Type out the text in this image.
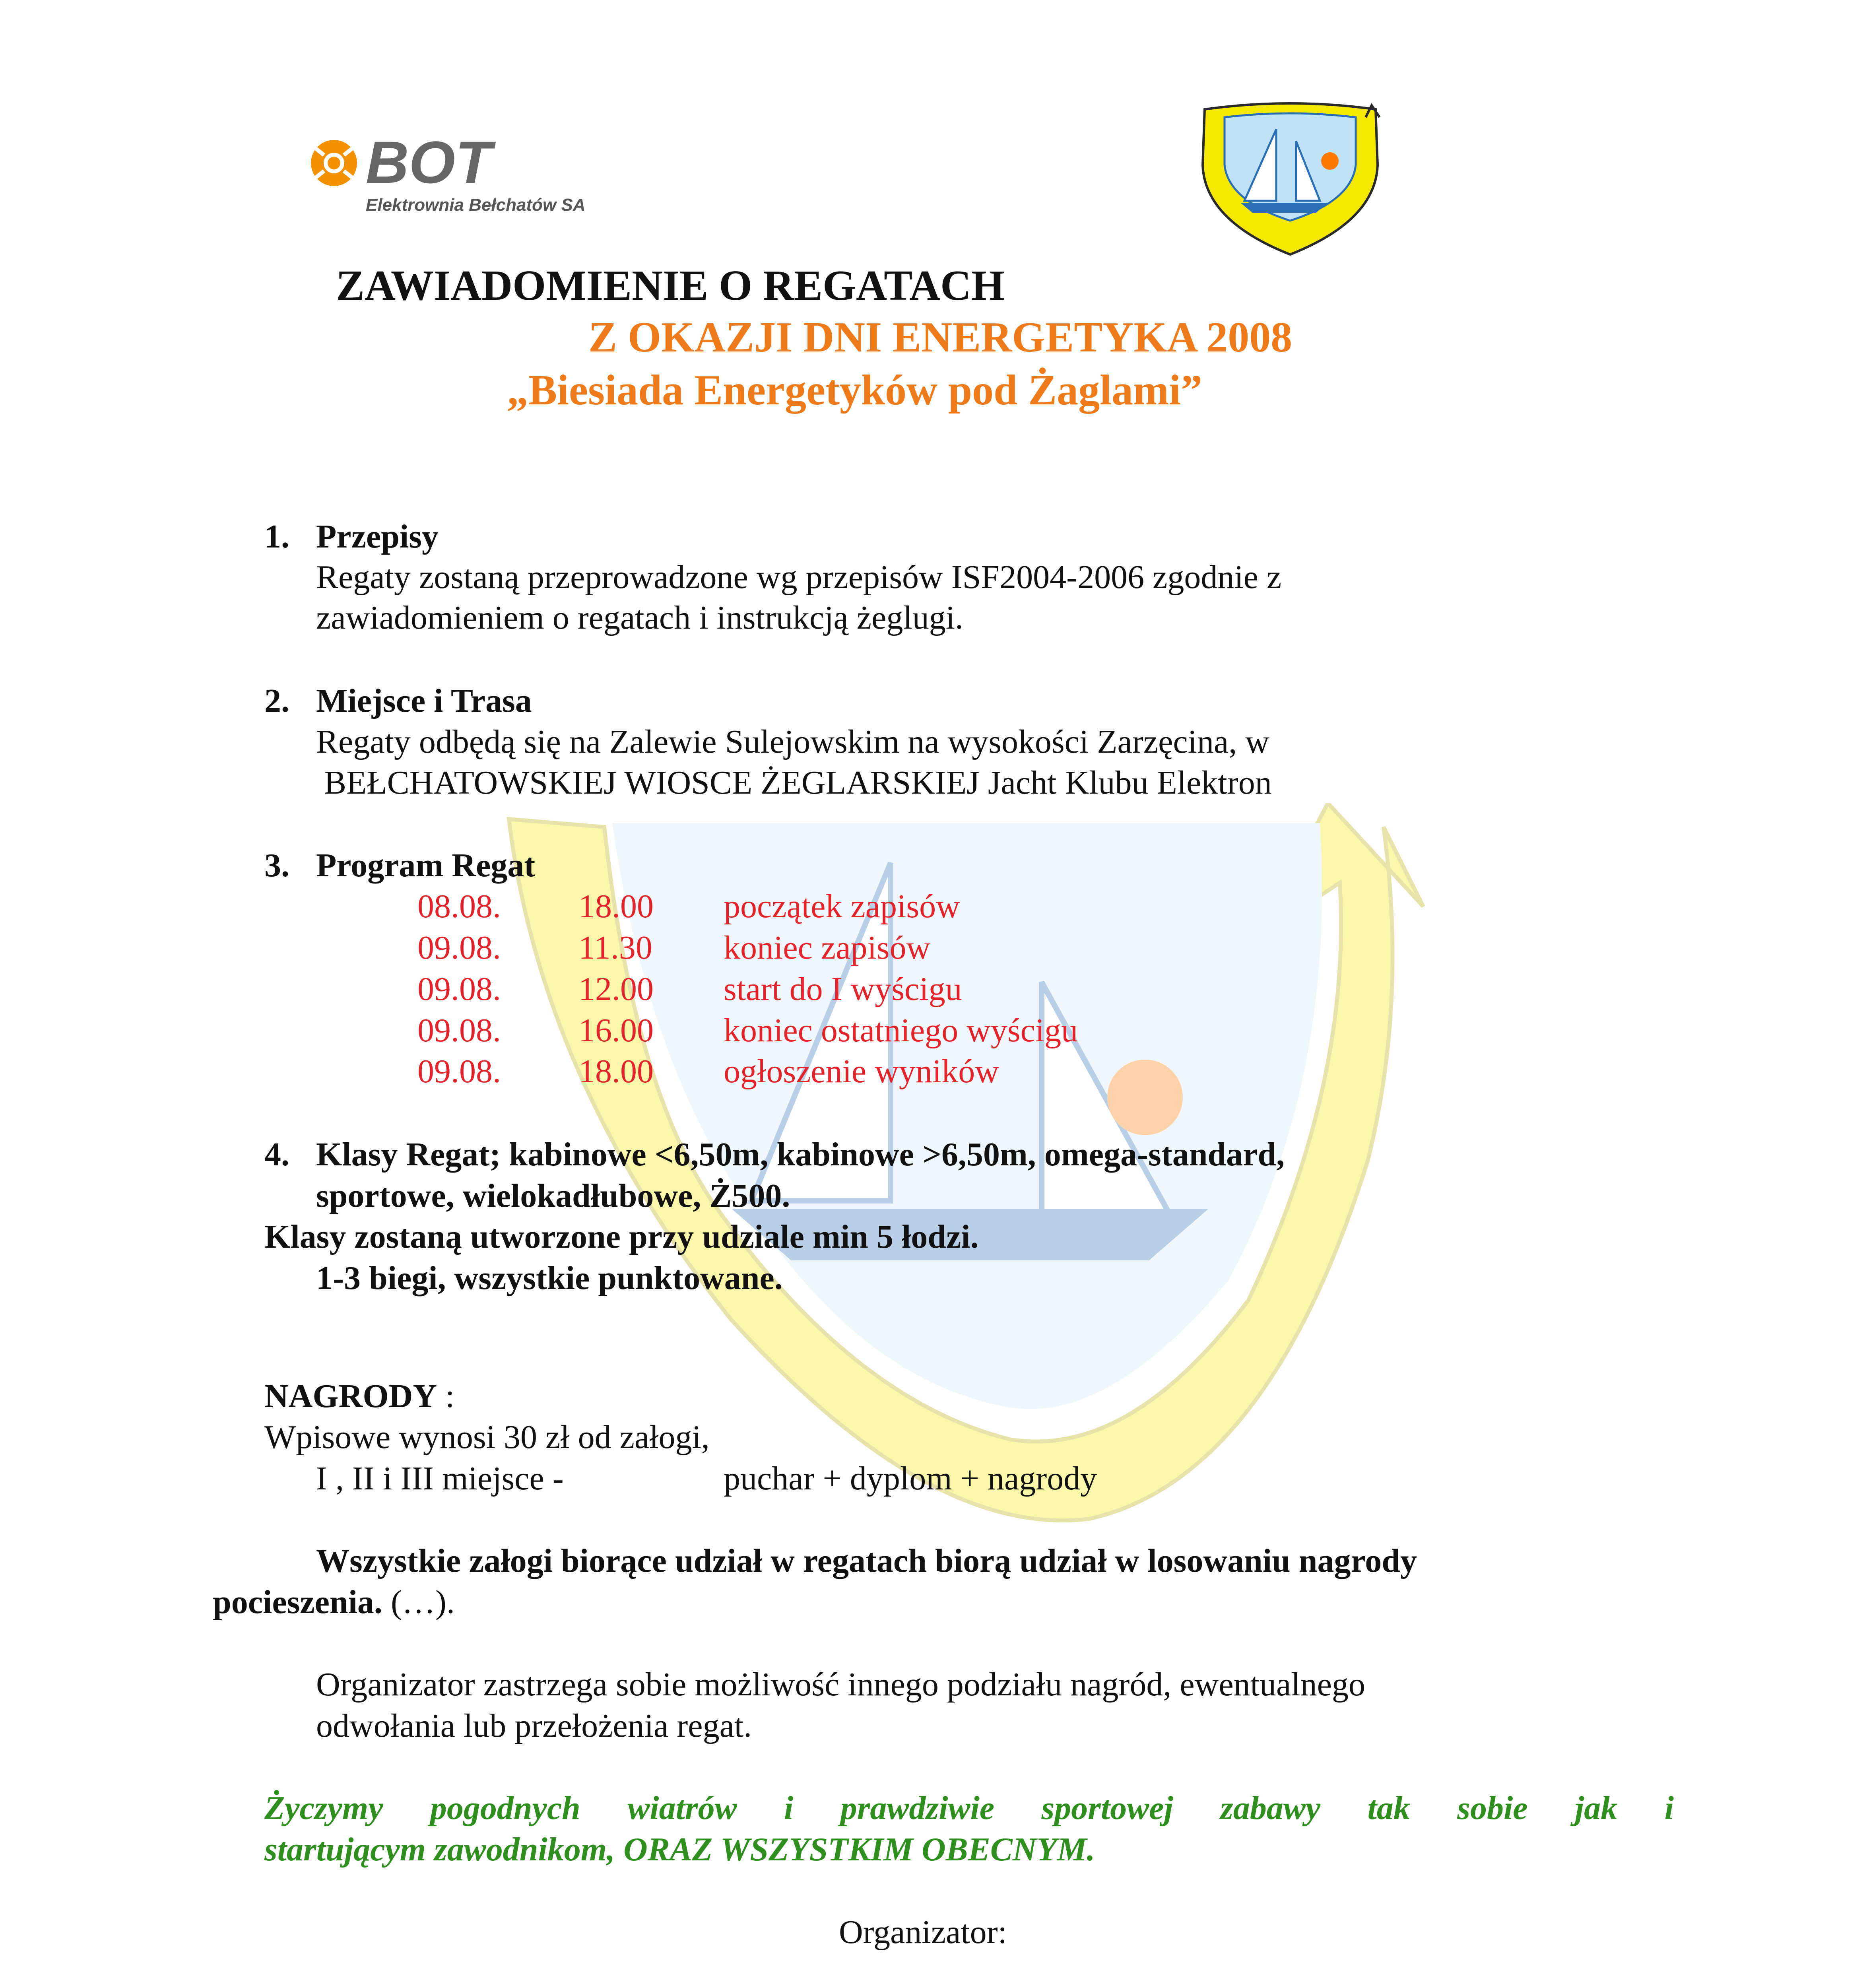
BOT
Elektrownia Bełchatów SA
ZAWIADOMIENIE O REGATACH
Z OKAZJI DNI ENERGETYKA 2008
„Biesiada Energetyków pod Żaglami”
1. Przepisy
Regaty zostaną przeprowadzone wg przepisów ISF2004-2006 zgodnie z
zawiadomieniem o regatach i instrukcją żeglugi.
2. Miejsce i Trasa
Regaty odbędą się na Zalewie Sulejowskim na wysokości Zarzęcina, w
BEŁCHATOWSKIEJ WIOSCE ŻEGLARSKIEJ Jacht Klubu Elektron
3. Program Regat
08.08. 18.00 początek zapisów
09.08. 11.30 koniec zapisów
09.08. 12.00 start do I wyścigu
09.08. 16.00 koniec ostatniego wyścigu
09.08. 18.00 ogłoszenie wyników
4. Klasy Regat; kabinowe <6,50m, kabinowe >6,50m, omega-standard,
sportowe, wielokadłubowe, Ż500.
Klasy zostaną utworzone przy udziale min 5 łodzi.
1-3 biegi, wszystkie punktowane.
NAGRODY :
Wpisowe wynosi 30 zł od załogi,
I , II i III miejsce -	puchar + dyplom + nagrody
Wszystkie załogi biorące udział w regatach biorą udział w losowaniu nagrody
pocieszenia. (…).
Organizator zastrzega sobie możliwość innego podziału nagród, ewentualnego
odwołania lub przełożenia regat.
Życzymy pogodnych wiatrów i prawdziwie sportowej zabawy tak sobie jak i
startującym zawodnikom, ORAZ WSZYSTKIM OBECNYM.
Organizator:
